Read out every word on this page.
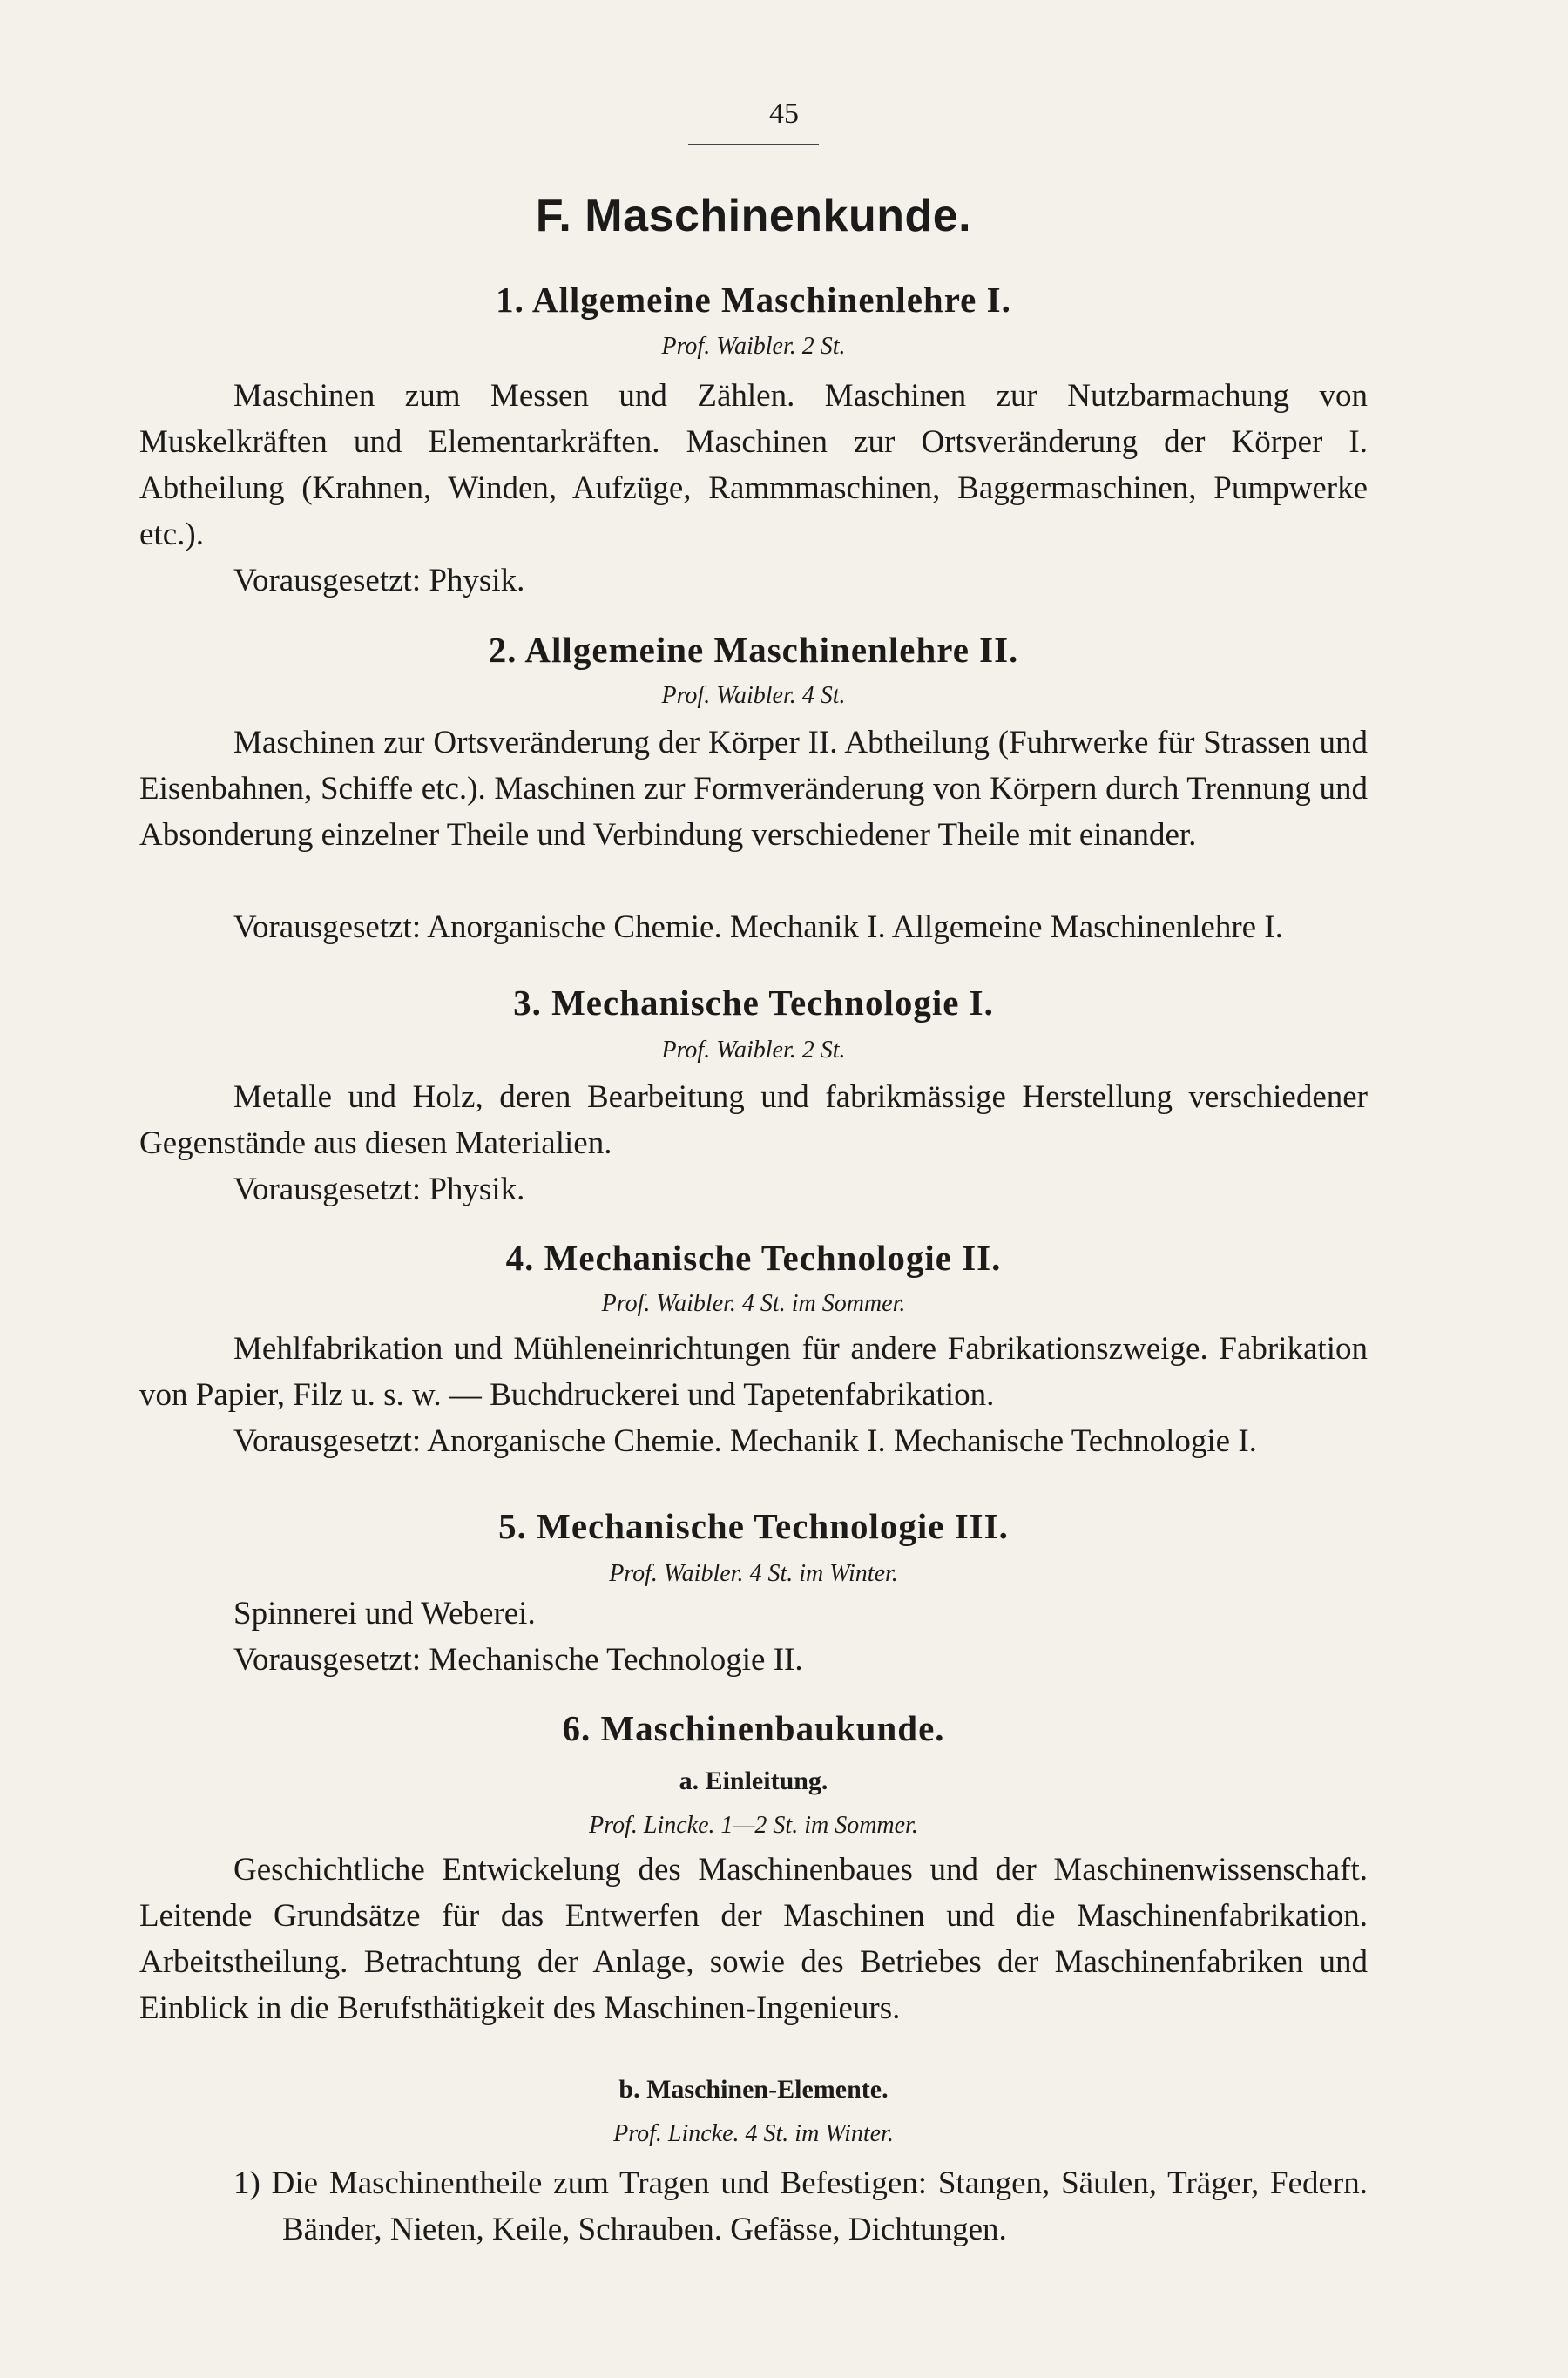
45
F. Maschinenkunde.
1. Allgemeine Maschinenlehre I.
Prof. Waibler. 2 St.
Maschinen zum Messen und Zählen. Maschinen zur Nutzbarmachung von Muskelkräften und Elementarkräften. Maschinen zur Ortsveränderung der Körper I. Abtheilung (Krahnen, Winden, Aufzüge, Rammmaschinen, Baggermaschinen, Pumpwerke etc.).
Vorausgesetzt: Physik.
2. Allgemeine Maschinenlehre II.
Prof. Waibler. 4 St.
Maschinen zur Ortsveränderung der Körper II. Abtheilung (Fuhrwerke für Strassen und Eisenbahnen, Schiffe etc.). Maschinen zur Formveränderung von Körpern durch Trennung und Absonderung einzelner Theile und Verbindung verschiedener Theile mit einander.
Vorausgesetzt: Anorganische Chemie. Mechanik I. Allgemeine Maschinenlehre I.
3. Mechanische Technologie I.
Prof. Waibler. 2 St.
Metalle und Holz, deren Bearbeitung und fabrikmässige Herstellung verschiedener Gegenstände aus diesen Materialien.
Vorausgesetzt: Physik.
4. Mechanische Technologie II.
Prof. Waibler. 4 St. im Sommer.
Mehlfabrikation und Mühleneinrichtungen für andere Fabrikationszweige. Fabrikation von Papier, Filz u. s. w. — Buchdruckerei und Tapetenfabrikation.
Vorausgesetzt: Anorganische Chemie. Mechanik I. Mechanische Technologie I.
5. Mechanische Technologie III.
Prof. Waibler. 4 St. im Winter.
Spinnerei und Weberei.
Vorausgesetzt: Mechanische Technologie II.
6. Maschinenbaukunde.
a. Einleitung.
Prof. Lincke. 1—2 St. im Sommer.
Geschichtliche Entwickelung des Maschinenbaues und der Maschinenwissenschaft. Leitende Grundsätze für das Entwerfen der Maschinen und die Maschinenfabrikation. Arbeitstheilung. Betrachtung der Anlage, sowie des Betriebes der Maschinenfabriken und Einblick in die Berufsthätigkeit des Maschinen-Ingenieurs.
b. Maschinen-Elemente.
Prof. Lincke. 4 St. im Winter.
1) Die Maschinentheile zum Tragen und Befestigen: Stangen, Säulen, Träger, Federn. Bänder, Nieten, Keile, Schrauben. Gefässe, Dichtungen.
